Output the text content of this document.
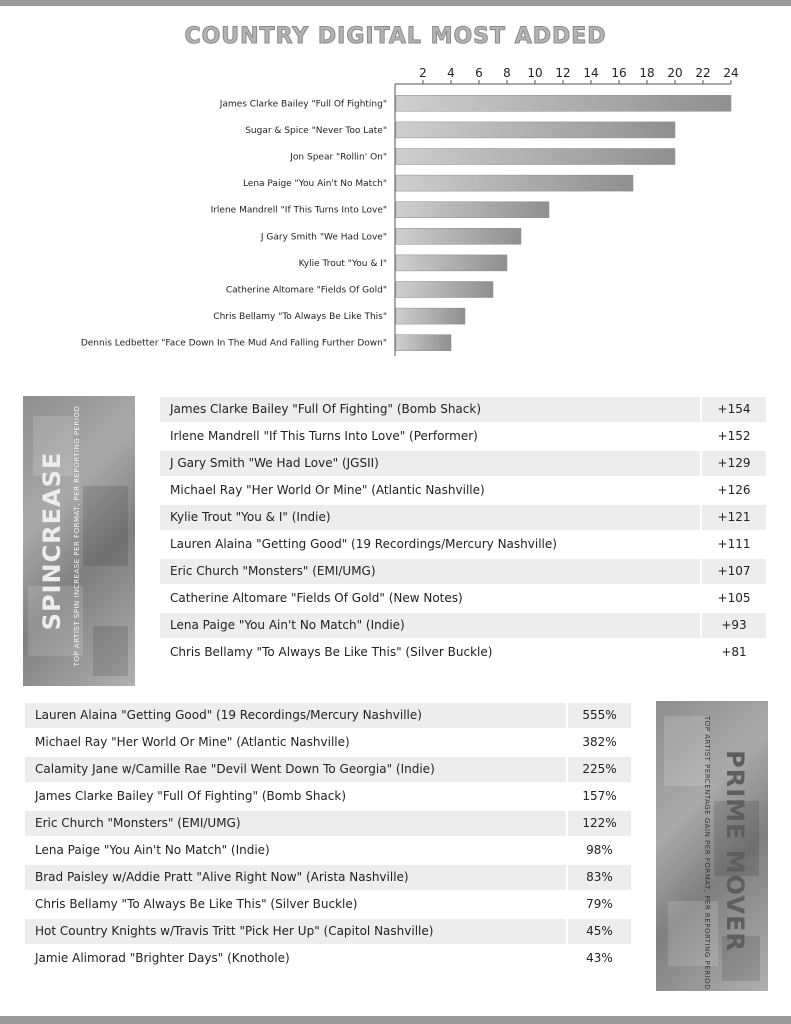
COUNTRY DIGITAL MOST ADDED
2 4 6 8 10 12 14 16 18 20 22 24
James Clarke Bailey "Full Of Fighting"
Sugar & Spice "Never Too Late"
Jon Spear "Rollin' On"
Lena Paige "You Ain't No Match"
Irlene Mandrell "If This Turns Into Love"
J Gary Smith "We Had Love"
Kylie Trout "You & I"
Catherine Altomare "Fields Of Gold"
Chris Bellamy "To Always Be Like This"
Dennis Ledbetter "Face Down In The Mud And Falling Further Down"
SPINCREASE TOP ARTIST SPIN INCREASE PER FORMAT, PER REPORTING PERIOD	James Clarke Bailey "Full Of Fighting" (Bomb Shack)	+154
Irlene Mandrell "If This Turns Into Love" (Performer)	+152
J Gary Smith "We Had Love" (JGSII)	+129
Michael Ray "Her World Or Mine" (Atlantic Nashville)	+126
Kylie Trout "You & I" (Indie)	+121
Lauren Alaina "Getting Good" (19 Recordings/Mercury Nashville)	+111
Eric Church "Monsters" (EMI/UMG)	+107
Catherine Altomare "Fields Of Gold" (New Notes)	+105
Lena Paige "You Ain't No Match" (Indie)	+93
Chris Bellamy "To Always Be Like This" (Silver Buckle)	+81
Lauren Alaina "Getting Good" (19 Recordings/Mercury Nashville)	555%
Michael Ray "Her World Or Mine" (Atlantic Nashville)	382%
Calamity Jane w/Camille Rae "Devil Went Down To Georgia" (Indie)	225%
James Clarke Bailey "Full Of Fighting" (Bomb Shack)	157%
Eric Church "Monsters" (EMI/UMG)	122%
Lena Paige "You Ain't No Match" (Indie)	98%
Brad Paisley w/Addie Pratt "Alive Right Now" (Arista Nashville)	83%
Chris Bellamy "To Always Be Like This" (Silver Buckle)	79%
Hot Country Knights w/Travis Tritt "Pick Her Up" (Capitol Nashville)	45%
Jamie Alimorad "Brighter Days" (Knothole)	43%
PRIME MOVER
TOP ARTIST PERCENTAGE GAIN PER FORMAT, PER REPORTING PERIOD
